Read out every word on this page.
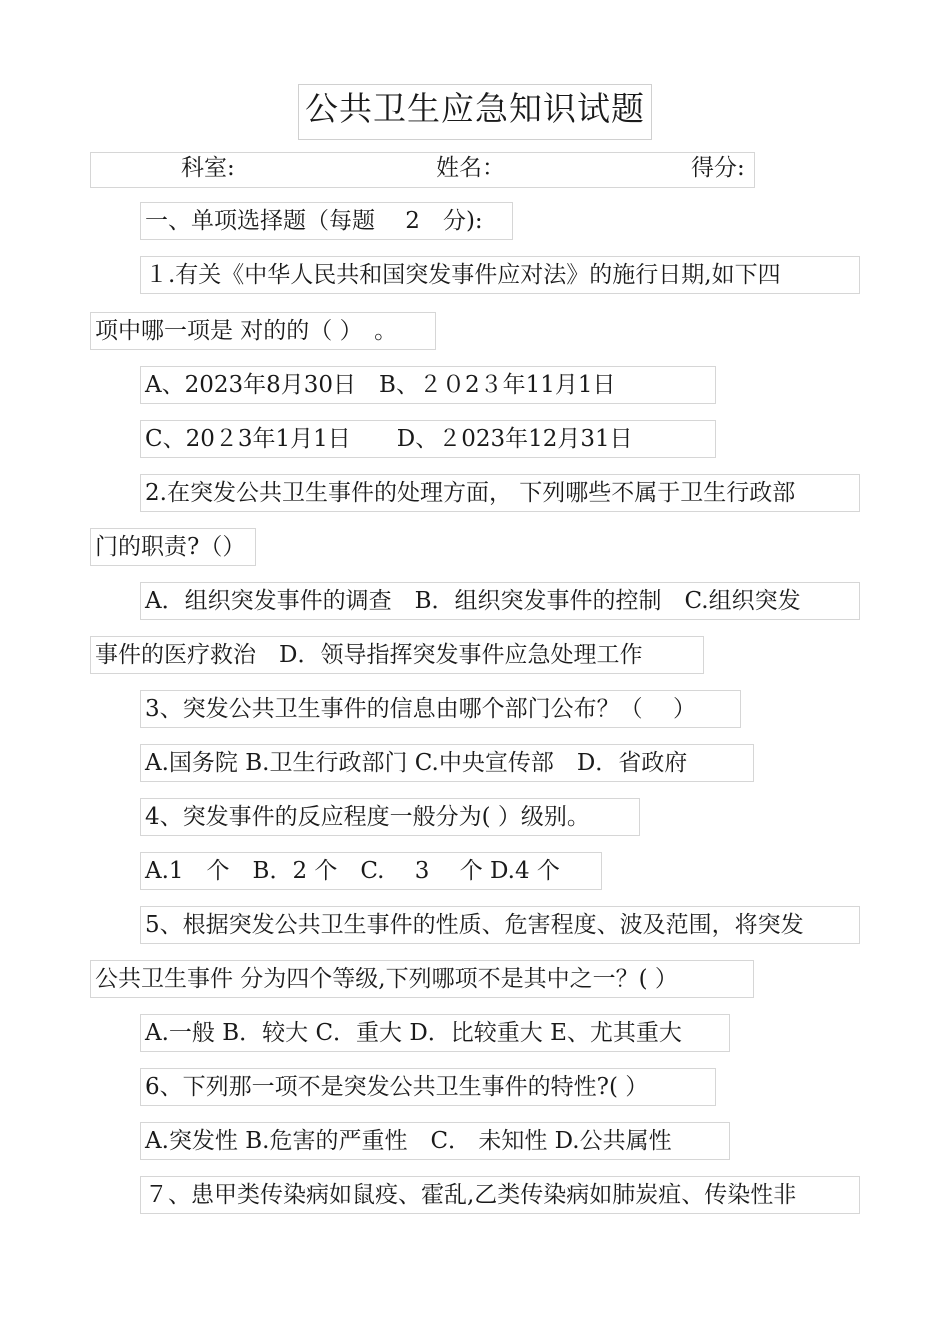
公共卫生应急知识试题
科室:	姓名：	得分:
一、单项选择题（每题　 2　分):
１.有关《中华人民共和国突发事件应对法》的施行日期,如下四
项中哪一项是 对的的（ ）　。
A、2023年8月30日　B、２０2３年11月1日
C、20２3年1月1日　　D、２023年12月31日
2.在突发公共卫生事件的处理方面， 下列哪些不属于卫生行政部
门的职责?（）
A．组织突发事件的调查　B．组织突发事件的控制　C.组织突发
事件的医疗救治　D．领导指挥突发事件应急处理工作
3、突发公共卫生事件的信息由哪个部门公布？（　 ）
A.国务院 B.卫生行政部门 C.中央宣传部　D．省政府
4、突发事件的反应程度一般分为( ）级别。
A.1　个　B．2 个　C.　 3　 个 D.4 个
5、根据突发公共卫生事件的性质、危害程度、波及范围，将突发
公共卫生事件 分为四个等级,下列哪项不是其中之一？( ）
A.一般 B．较大 C．重大 D．比较重大 E、尤其重大
6、下列那一项不是突发公共卫生事件的特性?( ）
A.突发性 B.危害的严重性　C． 未知性 D.公共属性
７、患甲类传染病如鼠疫、霍乱,乙类传染病如肺炭疽、传染性非
